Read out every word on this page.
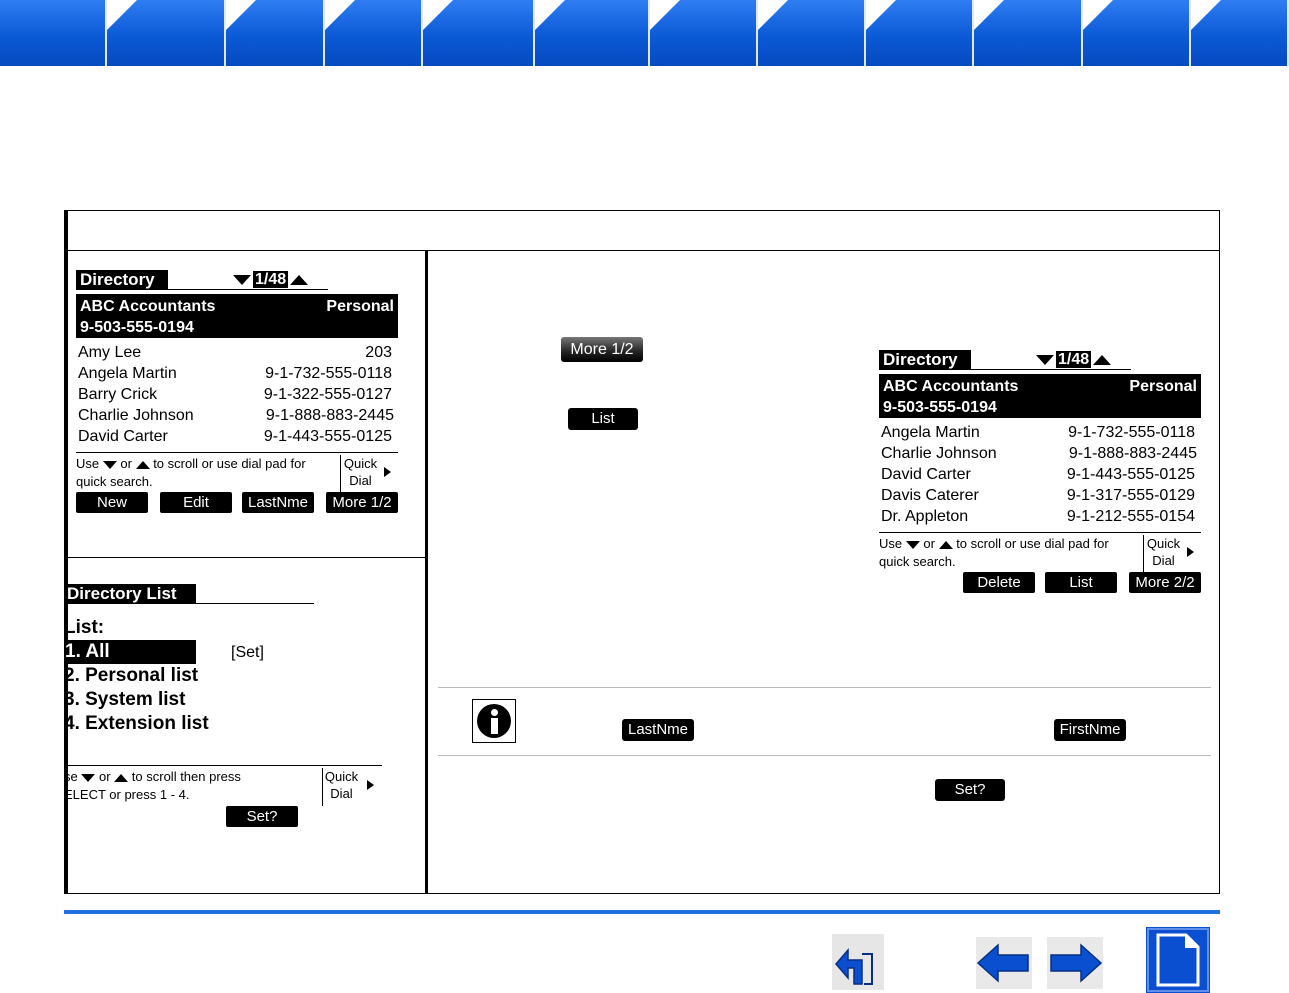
Directory	1/48
ABC Accountants	Personal
9-503-555-0194
Amy Lee	203
Angela Martin	9-1-732-555-0118
Barry Crick	9-1-322-555-0127
Charlie Johnson	9-1-888-883-2445
David Carter	9-1-443-555-0125
Use or to scroll or use dial pad for
quick search.
Quick
Dial
New	Edit	LastNme	More 1/2
Directory List
List:
1. All	[Set]
2. Personal list
3. System list
4. Extension list
se or to scroll then press
ELECT or press 1 - 4.
Quick
Dial
Set?
More 1/2
List
Directory	1/48
ABC Accountants	Personal
9-503-555-0194
Angela Martin	9-1-732-555-0118
Charlie Johnson	9-1-888-883-2445
David Carter	9-1-443-555-0125
Davis Caterer	9-1-317-555-0129
Dr. Appleton	9-1-212-555-0154
Use or to scroll or use dial pad for
quick search.
Quick
Dial
Delete	List	More 2/2
LastNme	FirstNme
Set?
